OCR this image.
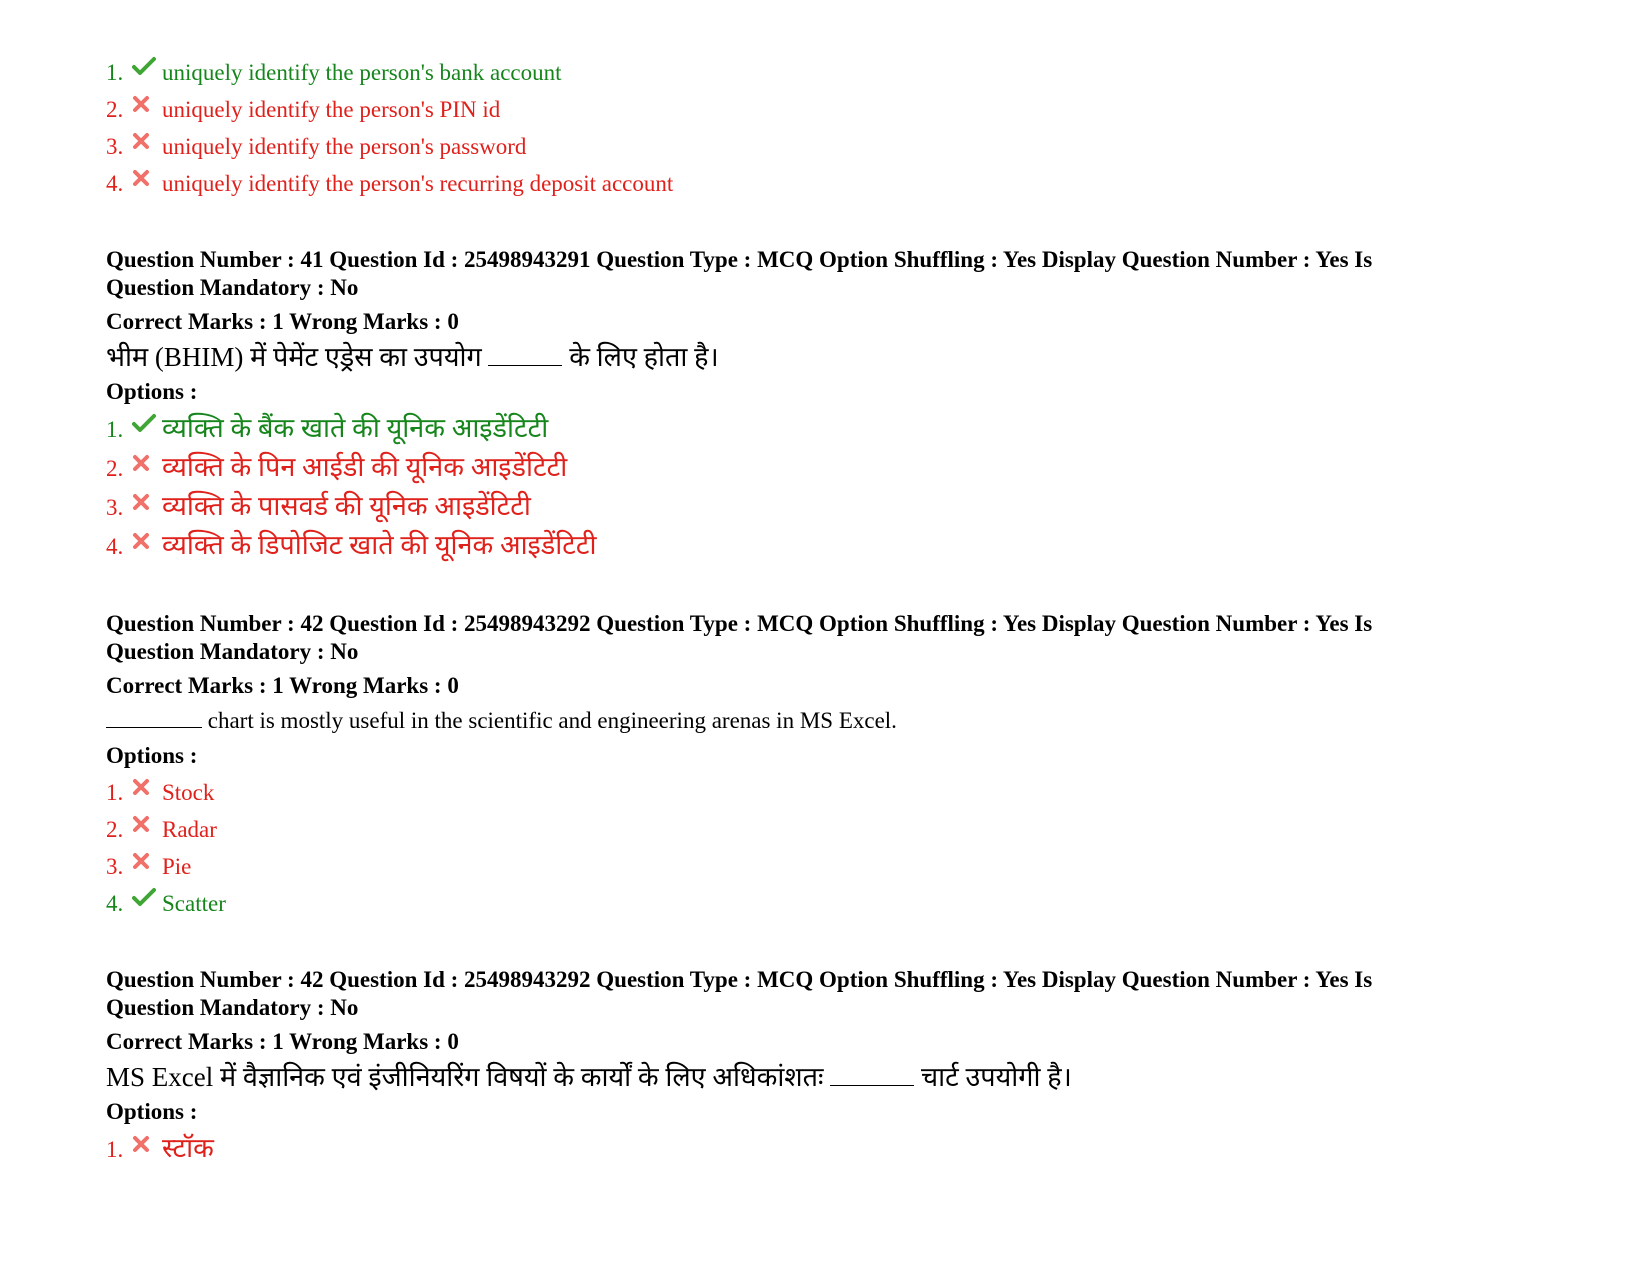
1.	uniquely identify the person's bank account
2.	uniquely identify the person's PIN id
3.	uniquely identify the person's password
4.	uniquely identify the person's recurring deposit account
Question Number : 41 Question Id : 25498943291 Question Type : MCQ Option Shuffling : Yes Display Question Number : Yes Is
Question Mandatory : No
Correct Marks : 1 Wrong Marks : 0
भीम (BHIM) में पेमेंट एड्रेस का उपयोग	के लिए होता है।
Options :
1.	व्यक्ति के बैंक खाते की यूनिक आइडेंटिटी
2.	व्यक्ति के पिन आईडी की यूनिक आइडेंटिटी
3.	व्यक्ति के पासवर्ड की यूनिक आइडेंटिटी
4.	व्यक्ति के डिपोजिट खाते की यूनिक आइडेंटिटी
Question Number : 42 Question Id : 25498943292 Question Type : MCQ Option Shuffling : Yes Display Question Number : Yes Is
Question Mandatory : No
Correct Marks : 1 Wrong Marks : 0
chart is mostly useful in the scientific and engineering arenas in MS Excel.
Options :
1.	Stock
2.	Radar
3.	Pie
4.	Scatter
Question Number : 42 Question Id : 25498943292 Question Type : MCQ Option Shuffling : Yes Display Question Number : Yes Is
Question Mandatory : No
Correct Marks : 1 Wrong Marks : 0
MS Excel में वैज्ञानिक एवं इंजीनियरिंग विषयों के कार्यों के लिए अधिकांशतः	चार्ट उपयोगी है।
Options :
1.	स्टॉक
